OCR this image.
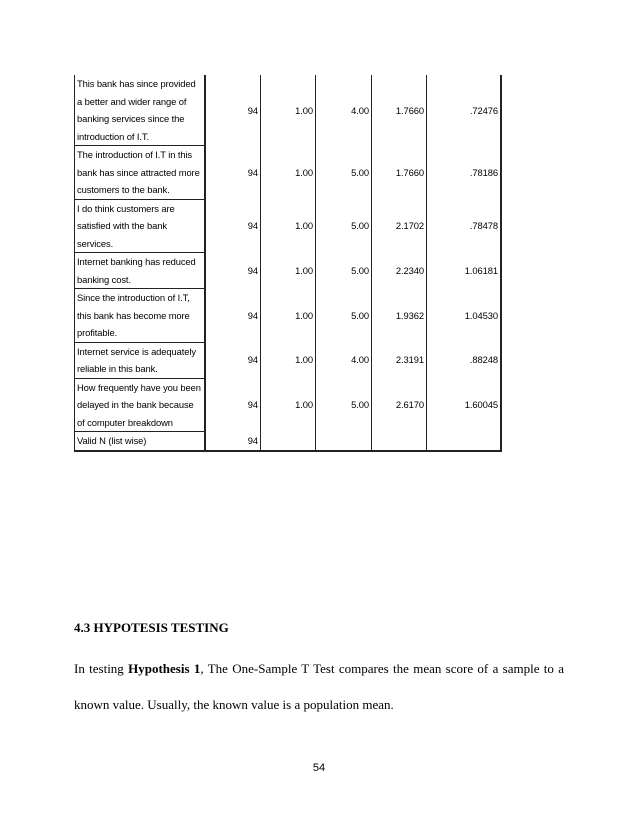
This bank has since provided a better and wider range of banking services since the introduction of I.T.	94	1.00	4.00	1.7660	.72476
The introduction of I.T in this bank has since attracted more customers to the bank.	94	1.00	5.00	1.7660	.78186
I do think customers are satisfied with the bank services.	94	1.00	5.00	2.1702	.78478
Internet banking has reduced banking cost.	94	1.00	5.00	2.2340	1.06181
Since the introduction of I.T, this bank has become more profitable.	94	1.00	5.00	1.9362	1.04530
Internet service is adequately reliable in this bank.	94	1.00	4.00	2.3191	.88248
How frequently have you been delayed in the bank because of computer breakdown	94	1.00	5.00	2.6170	1.60045
Valid N (list wise)	94				
4.3 HYPOTESIS TESTING

In testing Hypothesis 1, The One-Sample T Test compares the mean score of a sample to a known value. Usually, the known value is a population mean.

54
